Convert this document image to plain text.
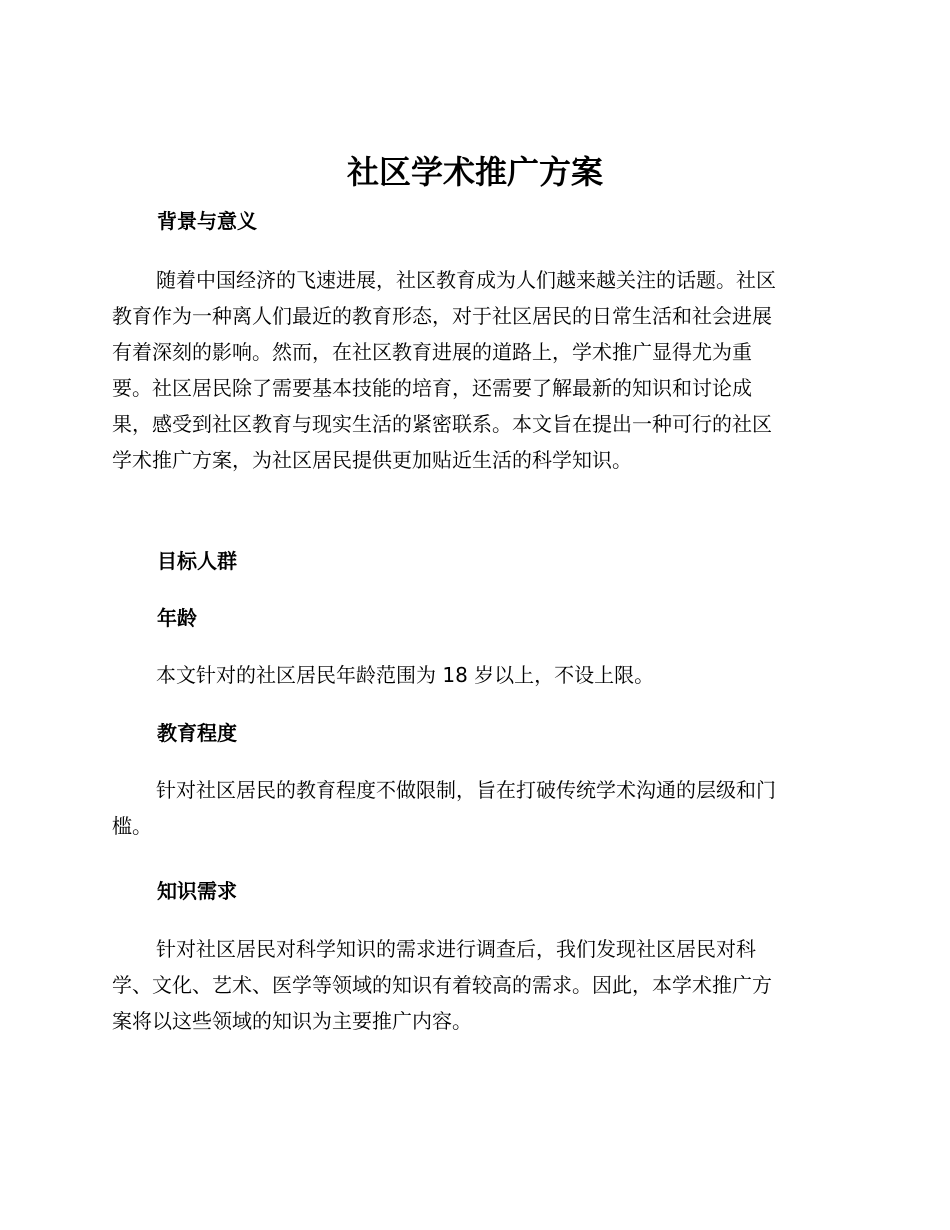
社区学术推广方案
背景与意义
随着中国经济的飞速进展，社区教育成为人们越来越关注的话题。社区
教育作为一种离人们最近的教育形态，对于社区居民的日常生活和社会进展
有着深刻的影响。然而，在社区教育进展的道路上，学术推广显得尤为重
要。社区居民除了需要基本技能的培育，还需要了解最新的知识和讨论成
果，感受到社区教育与现实生活的紧密联系。本文旨在提出一种可行的社区
学术推广方案，为社区居民提供更加贴近生活的科学知识。
目标人群
年龄
本文针对的社区居民年龄范围为 18 岁以上，不设上限。
教育程度
针对社区居民的教育程度不做限制，旨在打破传统学术沟通的层级和门
槛。
知识需求
针对社区居民对科学知识的需求进行调查后，我们发现社区居民对科
学、文化、艺术、医学等领域的知识有着较高的需求。因此，本学术推广方
案将以这些领域的知识为主要推广内容。
